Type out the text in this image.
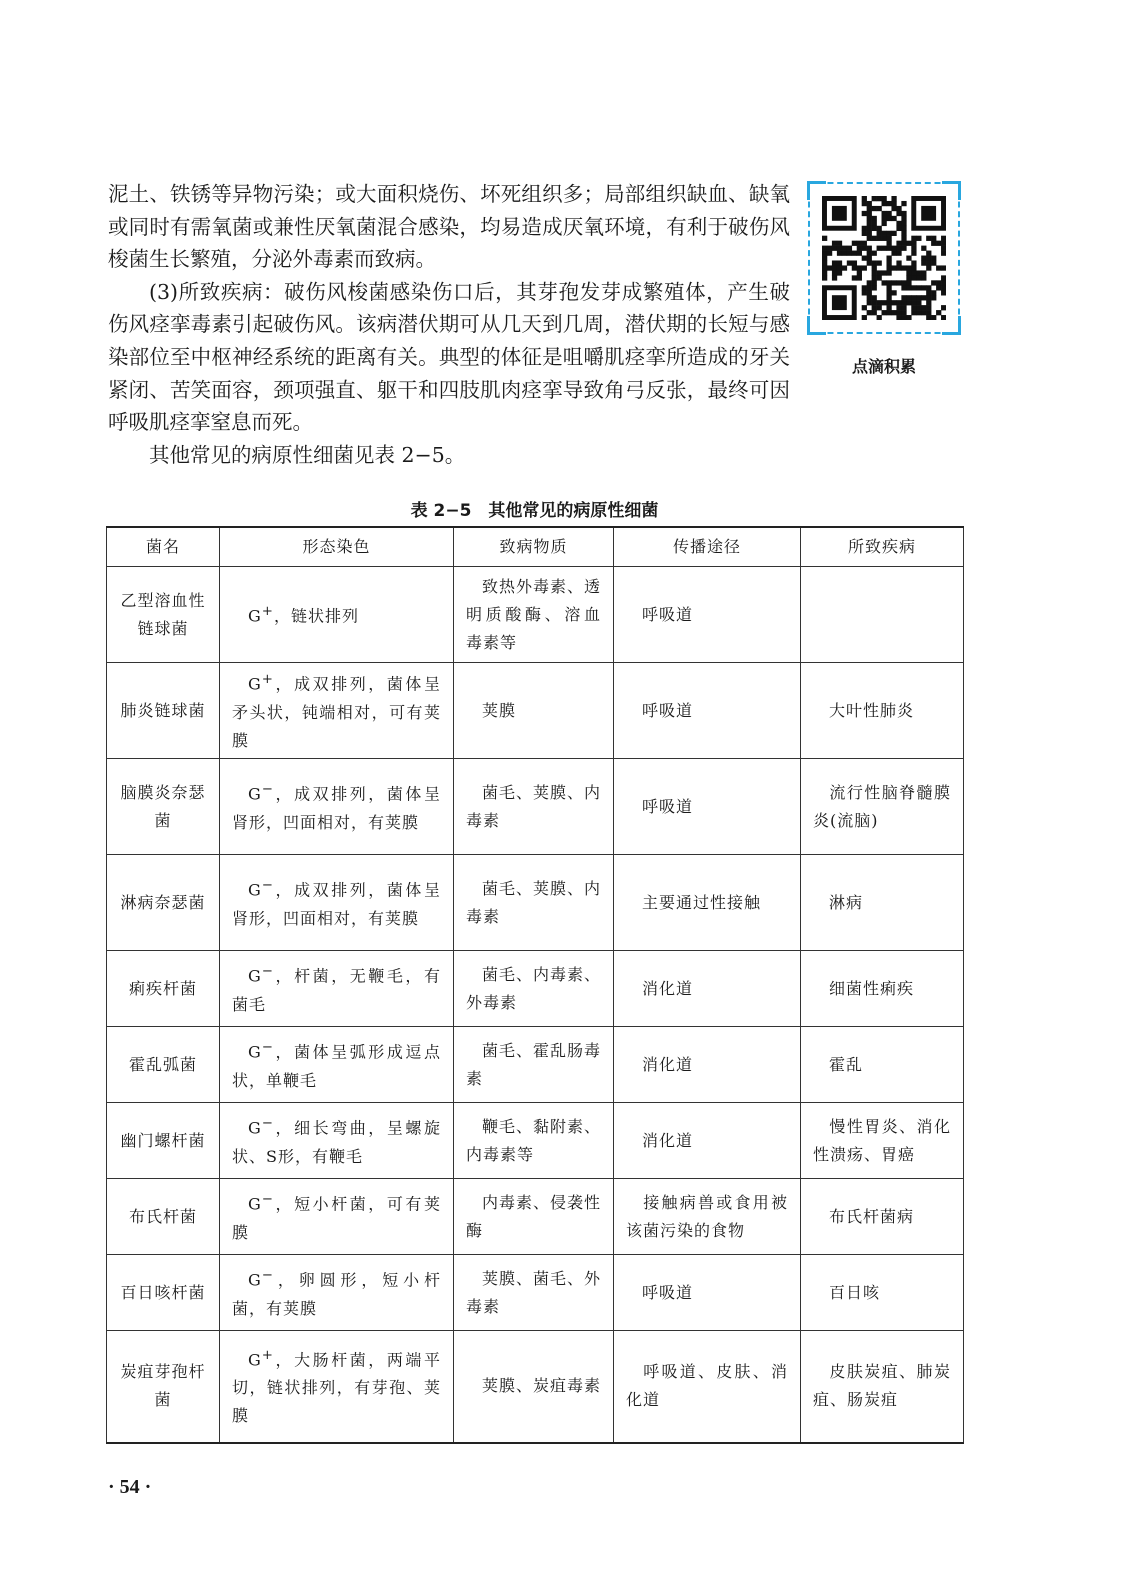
泥土、铁锈等异物污染；或大面积烧伤、坏死组织多；局部组织缺血、缺氧或同时有需氧菌或兼性厌氧菌混合感染，均易造成厌氧环境，有利于破伤风梭菌生长繁殖，分泌外毒素而致病。

(3)所致疾病：破伤风梭菌感染伤口后，其芽孢发芽成繁殖体，产生破伤风痉挛毒素引起破伤风。该病潜伏期可从几天到几周，潜伏期的长短与感染部位至中枢神经系统的距离有关。典型的体征是咀嚼肌痉挛所造成的牙关紧闭、苦笑面容，颈项强直、躯干和四肢肌肉痉挛导致角弓反张，最终可因呼吸肌痉挛窒息而死。

其他常见的病原性细菌见表 2−5。

点滴积累
表 2−5　其他常见的病原性细菌
菌名	形态染色	致病物质	传播途径	所致疾病
乙型溶血性链球菌	G+，链状排列	致热外毒素、透明质酸酶、溶血毒素等	呼吸道	
肺炎链球菌	G+，成双排列，菌体呈矛头状，钝端相对，可有荚膜	荚膜	呼吸道	大叶性肺炎
脑膜炎奈瑟菌	G−，成双排列，菌体呈肾形，凹面相对，有荚膜	菌毛、荚膜、内毒素	呼吸道	流行性脑脊髓膜炎(流脑)
淋病奈瑟菌	G−，成双排列，菌体呈肾形，凹面相对，有荚膜	菌毛、荚膜、内毒素	主要通过性接触	淋病
痢疾杆菌	G−，杆菌，无鞭毛，有菌毛	菌毛、内毒素、外毒素	消化道	细菌性痢疾
霍乱弧菌	G−，菌体呈弧形成逗点状，单鞭毛	菌毛、霍乱肠毒素	消化道	霍乱
幽门螺杆菌	G−，细长弯曲，呈螺旋状、S形，有鞭毛	鞭毛、黏附素、内毒素等	消化道	慢性胃炎、消化性溃疡、胃癌
布氏杆菌	G−，短小杆菌，可有荚膜	内毒素、侵袭性酶	接触病兽或食用被该菌污染的食物	布氏杆菌病
百日咳杆菌	G−，卵圆形，短小杆菌，有荚膜	荚膜、菌毛、外毒素	呼吸道	百日咳
炭疽芽孢杆菌	G+，大肠杆菌，两端平切，链状排列，有芽孢、荚膜	荚膜、炭疽毒素	呼吸道、皮肤、消化道	皮肤炭疽、肺炭疽、肠炭疽
· 54 ·
